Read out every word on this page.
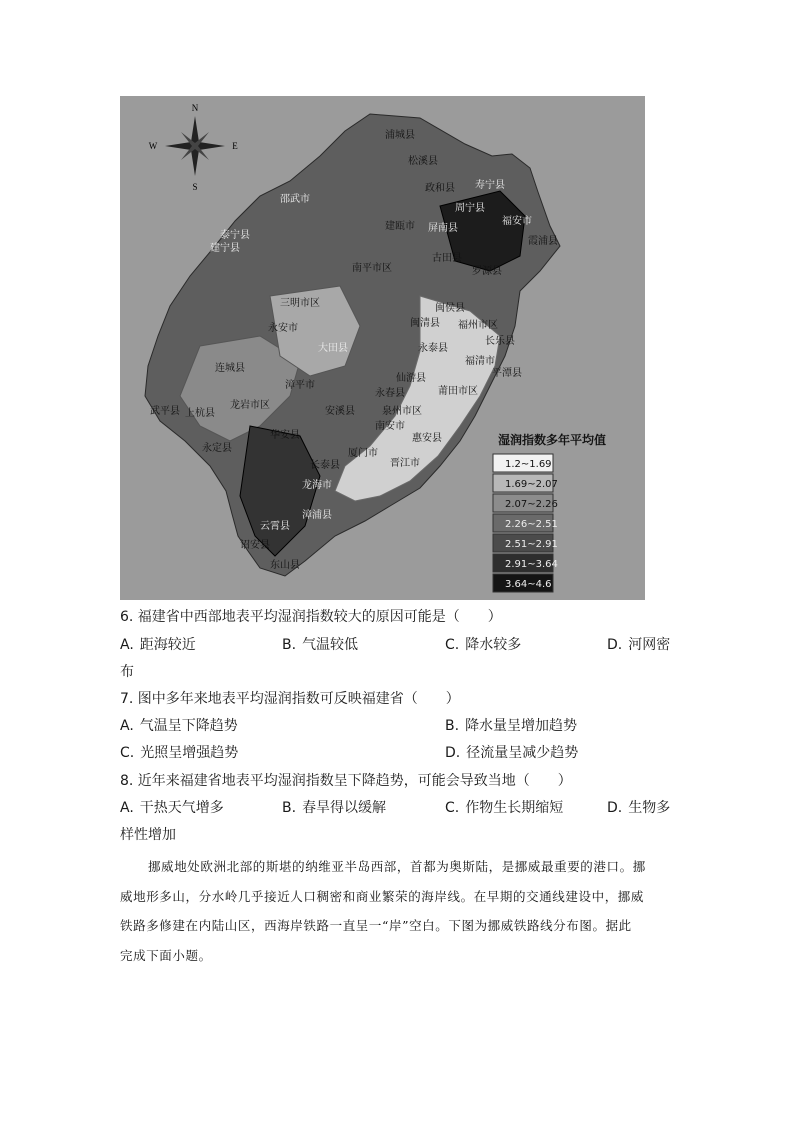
N
S
E
W
浦城县
松溪县
政和县 寿宁县
邵武市
周宁县
泰宁县
建瓯市 屏南县
福安市
霞浦县
建宁县
古田县
罗源县
南平市区
三明市区	闽侯县
永安市	闽清县 福州市区
长乐县
连城县
大田县	永泰县
福清市
平潭县
仙游县
莆田市区
漳平市
龙岩市区
永春县
武平县 上杭县	安溪县	泉州市区
南安市
惠安县
永定县
华安县
长泰县
厦门市
晋江市
龙海市
漳浦县
云霄县
诏安县
东山县
湿润指数多年平均值
1.2~1.69
1.69~2.07
2.07~2.26
2.26~2.51
2.51~2.91
2.91~3.64
3.64~4.6
6. 福建省中西部地表平均湿润指数较大的原因可能是（　　）
A. 距海较近	B. 气温较低	C. 降水较多	D. 河网密
布
7. 图中多年来地表平均湿润指数可反映福建省（　　）
A. 气温呈下降趋势	B. 降水量呈增加趋势
C. 光照呈增强趋势	D. 径流量呈减少趋势
8. 近年来福建省地表平均湿润指数呈下降趋势，可能会导致当地（　　）
A. 干热天气增多	B. 春旱得以缓解	C. 作物生长期缩短	D. 生物多
样性增加
挪威地处欧洲北部的斯堪的纳维亚半岛西部，首都为奥斯陆，是挪威最重要的港口。挪
威地形多山，分水岭几乎接近人口稠密和商业繁荣的海岸线。在早期的交通线建设中，挪威
铁路多修建在内陆山区，西海岸铁路一直呈一“岸”空白。下图为挪威铁路线分布图。据此
完成下面小题。
